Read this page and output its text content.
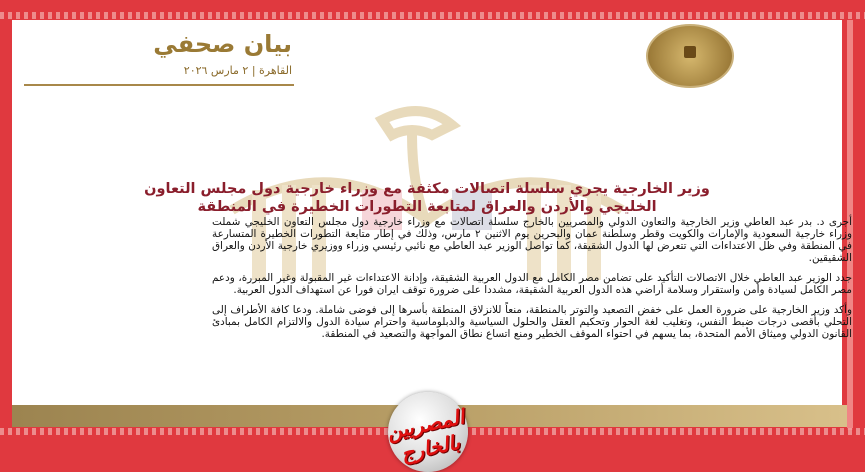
بيان صحفي
القاهرة | ٢ مارس ٢٠٢٦
وزير الخارجية يجري سلسلة اتصالات مكثفة مع وزراء خارجية دول مجلس التعاون الخليجي والأردن والعراق لمتابعة التطورات الخطيرة في المنطقة

أجرى د. بدر عبد العاطي وزير الخارجية والتعاون الدولي والمصريين بالخارج سلسلة اتصالات مع وزراء خارجية دول مجلس التعاون الخليجي شملت وزراء خارجية السعودية والإمارات والكويت وقطر وسلطنة عمان والبحرين يوم الاثنين ٢ مارس، وذلك في إطار متابعة التطورات الخطيرة المتسارعة في المنطقة وفي ظل الاعتداءات التي تتعرض لها الدول الشقيقة، كما تواصل الوزير عبد العاطي مع نائبي رئيسي وزراء ووزيري خارجية الأردن والعراق الشقيقين.

جدد الوزير عبد العاطي خلال الاتصالات التأكيد على تضامن مصر الكامل مع الدول العربية الشقيقة، وإدانة الاعتداءات غير المقبولة وغير المبررة، ودعم مصر الكامل لسيادة وأمن واستقرار وسلامة أراضي هذه الدول العربية الشقيقة، مشددا على ضرورة توقف ايران فورا عن استهداف الدول العربية.

وأكد وزير الخارجية على ضرورة العمل على خفض التصعيد والتوتر بالمنطقة، منعاً للانزلاق المنطقة بأسرها إلى فوضى شاملة. ودعا كافة الأطراف إلى التحلي بأقصى درجات ضبط النفس، وتغليب لغة الحوار وتحكيم العقل والحلول السياسية والدبلوماسية واحترام سيادة الدول والالتزام الكامل بمبادئ القانون الدولي وميثاق الأمم المتحدة، بما يسهم في احتواء الموقف الخطير ومنع اتساع نطاق المواجهة والتصعيد في المنطقة.

المصريين بالخارج
